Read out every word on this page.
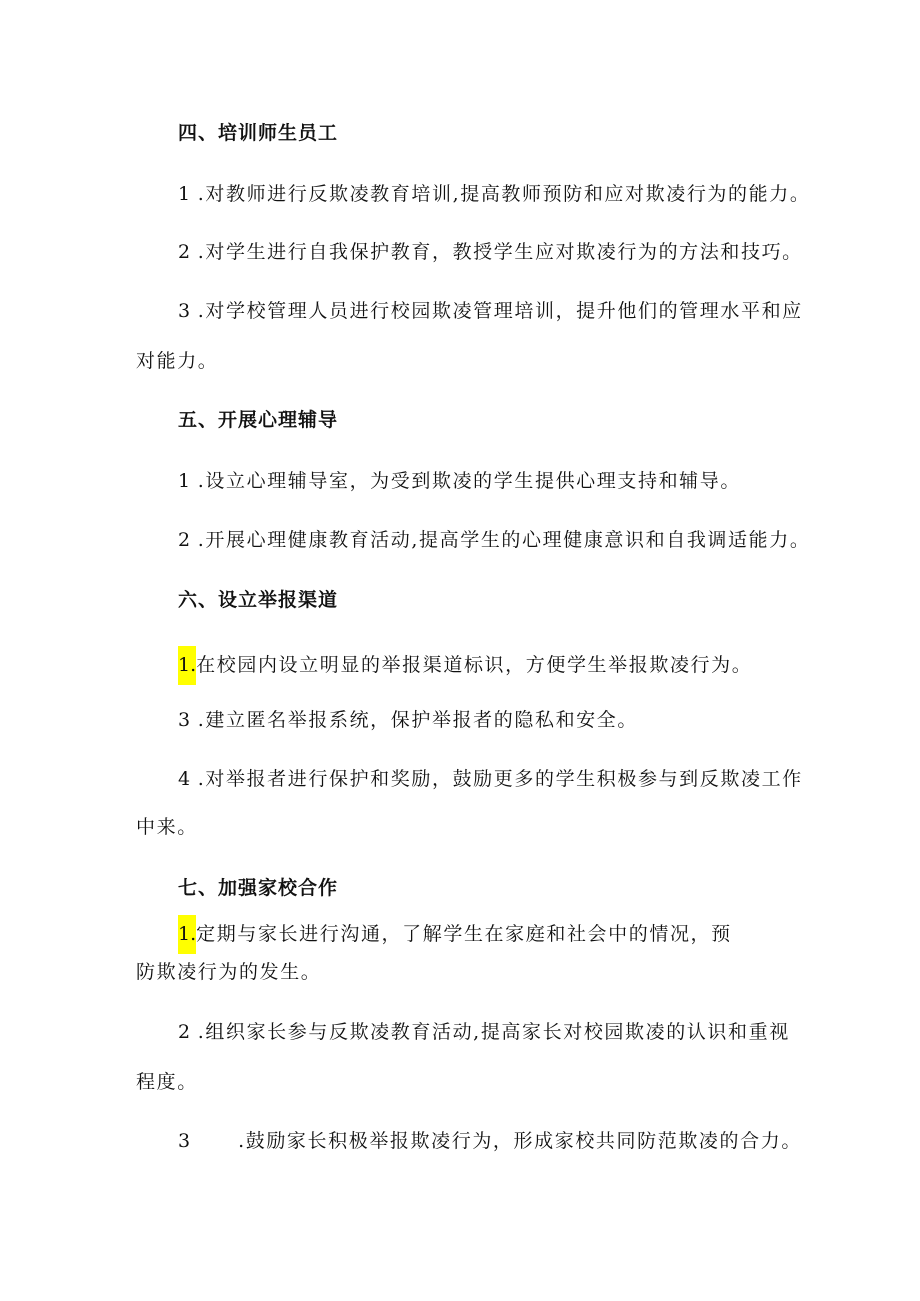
四、培训师生员工
1 .对教师进行反欺凌教育培训,提高教师预防和应对欺凌行为的能力。
2 .对学生进行自我保护教育，教授学生应对欺凌行为的方法和技巧。
3 .对学校管理人员进行校园欺凌管理培训，提升他们的管理水平和应
对能力。
五、开展心理辅导
1 .设立心理辅导室，为受到欺凌的学生提供心理支持和辅导。
2 .开展心理健康教育活动,提高学生的心理健康意识和自我调适能力。
六、设立举报渠道
1.在校园内设立明显的举报渠道标识，方便学生举报欺凌行为。
3 .建立匿名举报系统，保护举报者的隐私和安全。
4 .对举报者进行保护和奖励，鼓励更多的学生积极参与到反欺凌工作
中来。
七、加强家校合作
1.定期与家长进行沟通，了解学生在家庭和社会中的情况，预
防欺凌行为的发生。
2 .组织家长参与反欺凌教育活动,提高家长对校园欺凌的认识和重视
程度。
3	.鼓励家长积极举报欺凌行为，形成家校共同防范欺凌的合力。
